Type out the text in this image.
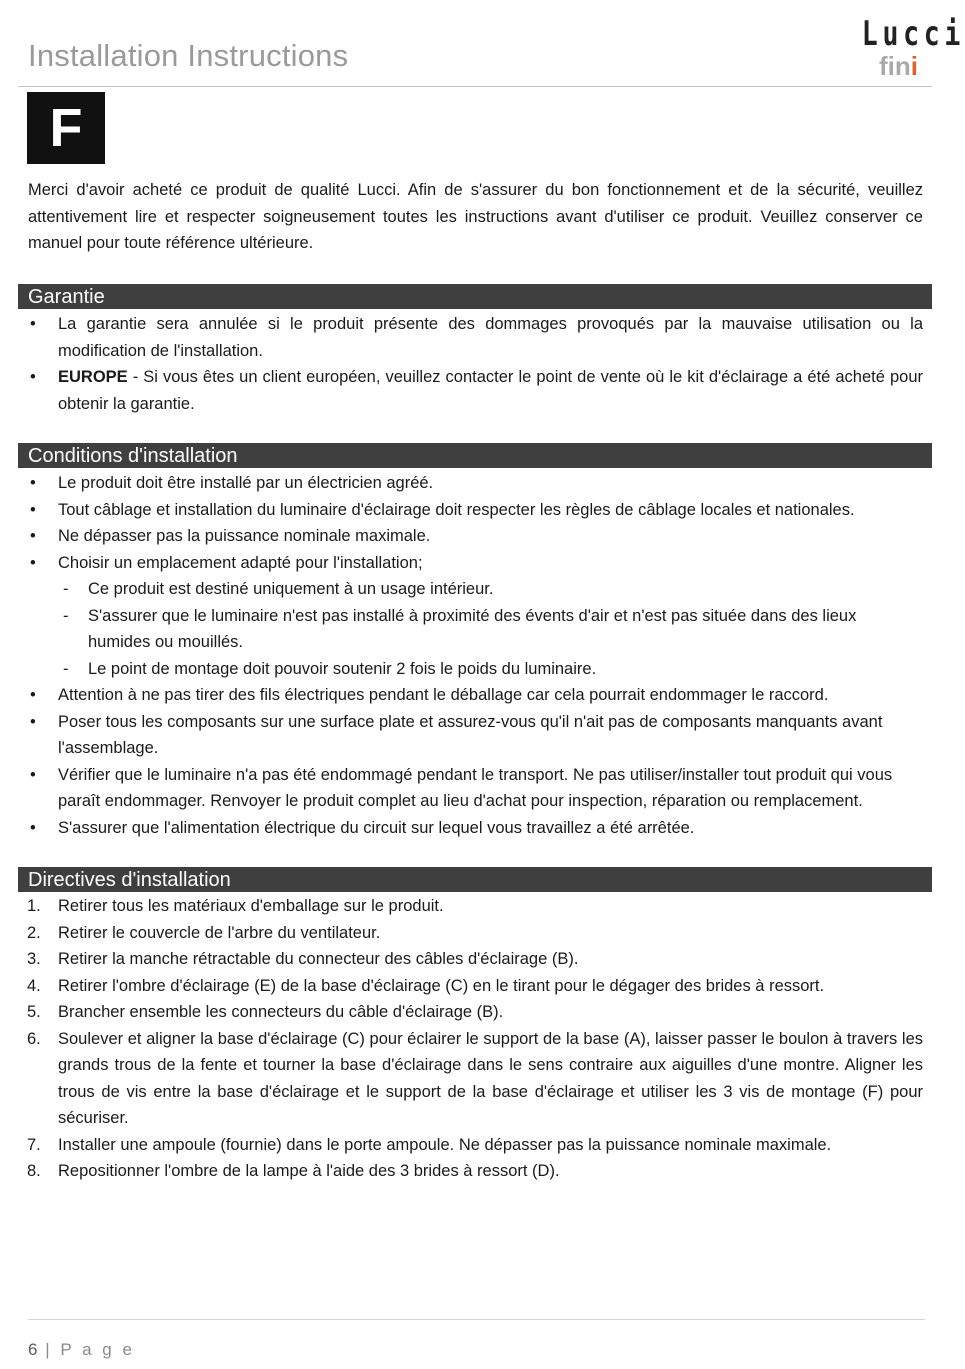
Installation Instructions
Lucci
fini
F

Merci d'avoir acheté ce produit de qualité Lucci. Afin de s'assurer du bon fonctionnement et de la sécurité, veuillez attentivement lire et respecter soigneusement toutes les instructions avant d'utiliser ce produit. Veuillez conserver ce manuel pour toute référence ultérieure.

Garantie
• La garantie sera annulée si le produit présente des dommages provoqués par la mauvaise utilisation ou la modification de l'installation.
• EUROPE - Si vous êtes un client européen, veuillez contacter le point de vente où le kit d'éclairage a été acheté pour obtenir la garantie.
Conditions d'installation
• Le produit doit être installé par un électricien agréé.
• Tout câblage et installation du luminaire d'éclairage doit respecter les règles de câblage locales et nationales.
• Ne dépasser pas la puissance nominale maximale.
• Choisir un emplacement adapté pour l'installation;
- Ce produit est destiné uniquement à un usage intérieur.
- S'assurer que le luminaire n'est pas installé à proximité des évents d'air et n'est pas située dans des lieux humides ou mouillés.
- Le point de montage doit pouvoir soutenir 2 fois le poids du luminaire.
• Attention à ne pas tirer des fils électriques pendant le déballage car cela pourrait endommager le raccord.
• Poser tous les composants sur une surface plate et assurez-vous qu'il n'ait pas de composants manquants avant l'assemblage.
• Vérifier que le luminaire n'a pas été endommagé pendant le transport. Ne pas utiliser/installer tout produit qui vous paraît endommager. Renvoyer le produit complet au lieu d'achat pour inspection, réparation ou remplacement.
• S'assurer que l'alimentation électrique du circuit sur lequel vous travaillez a été arrêtée.
Directives d'installation
1. Retirer tous les matériaux d'emballage sur le produit.
2. Retirer le couvercle de l'arbre du ventilateur.
3. Retirer la manche rétractable du connecteur des câbles d'éclairage (B).
4. Retirer l'ombre d'éclairage (E) de la base d'éclairage (C) en le tirant pour le dégager des brides à ressort.
5. Brancher ensemble les connecteurs du câble d'éclairage (B).
6. Soulever et aligner la base d'éclairage (C) pour éclairer le support de la base (A), laisser passer le boulon à travers les grands trous de la fente et tourner la base d'éclairage dans le sens contraire aux aiguilles d'une montre. Aligner les trous de vis entre la base d'éclairage et le support de la base d'éclairage et utiliser les 3 vis de montage (F) pour sécuriser.
7. Installer une ampoule (fournie) dans le porte ampoule. Ne dépasser pas la puissance nominale maximale.
8. Repositionner l'ombre de la lampe à l'aide des 3 brides à ressort (D).
6 | P a g e
